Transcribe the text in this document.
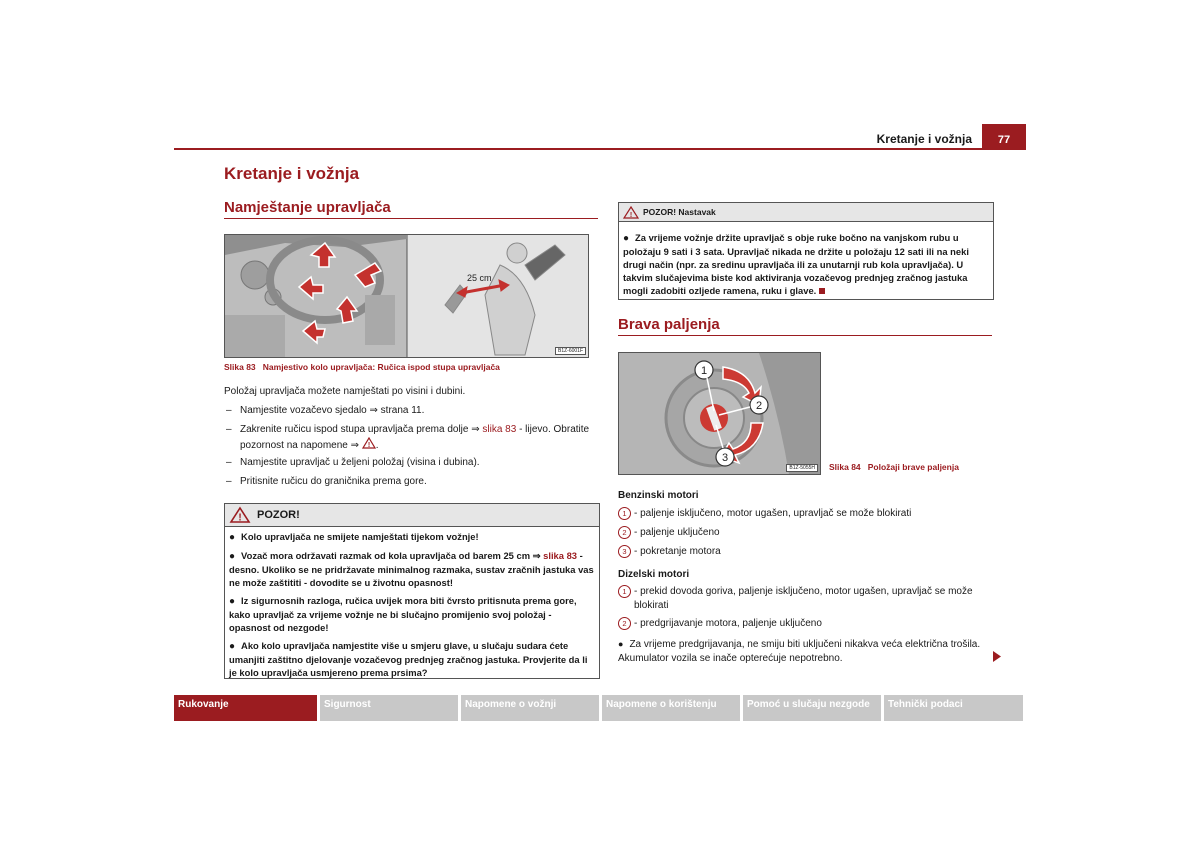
Kretanje i vožnja	77
Kretanje i vožnja
Namještanje upravljača
25 cm
B1Z-6001F
Slika 83 Namjestivo kolo upravljača: Ručica ispod stupa upravljača
Položaj upravljača možete namještati po visini i dubini.
– Namjestite vozačevo sjedalo ⇒ strana 11.
– Zakrenite ručicu ispod stupa upravljača prema dolje ⇒ slika 83 - lijevo. Obratite pozornost na napomene ⇒ ! .
– Namjestite upravljač u željeni položaj (visina i dubina).
– Pritisnite ručicu do graničnika prema gore.
! POZOR!

● Kolo upravljača ne smijete namještati tijekom vožnje!

● Vozač mora održavati razmak od kola upravljača od barem 25 cm ⇒ slika 83 - desno. Ukoliko se ne pridržavate minimalnog razmaka, sustav zračnih jastuka vas ne može zaštititi - dovodite se u životnu opasnost!

● Iz sigurnosnih razloga, ručica uvijek mora biti čvrsto pritisnuta prema gore, kako upravljač za vrijeme vožnje ne bi slučajno promijenio svoj položaj - opasnost od nezgode!

● Ako kolo upravljača namjestite više u smjeru glave, u slučaju sudara ćete umanjiti zaštitno djelovanje vozačevog prednjeg zračnog jastuka. Provjerite da li je kolo upravljača usmjereno prema prsima?

! POZOR! Nastavak

● Za vrijeme vožnje držite upravljač s obje ruke bočno na vanjskom rubu u položaju 9 sati i 3 sata. Upravljač nikada ne držite u položaju 12 sati ili na neki drugi način (npr. za sredinu upravljača ili za unutarnji rub kola upravljača). U takvim slučajevima biste kod aktiviranja vozačevog prednjeg zračnog jastuka mogli zadobiti ozljede ramena, ruku i glave.

Brava paljenja
1
2
3
B1Z-5055H	Slika 84 Položaji brave paljenja
Benzinski motori
1 - paljenje isključeno, motor ugašen, upravljač se može blokirati
2 - paljenje uključeno
3 - pokretanje motora
Dizelski motori
1 - prekid dovoda goriva, paljenje isključeno, motor ugašen, upravljač se može blokirati
2 - predgrijavanje motora, paljenje uključeno
● Za vrijeme predgrijavanja, ne smiju biti uključeni nikakva veća električna trošila. Akumulator vozila se inače opterećuje nepotrebno.
Rukovanje	Sigurnost	Napomene o vožnji	Napomene o korištenju	Pomoć u slučaju nezgode	Tehnički podaci
